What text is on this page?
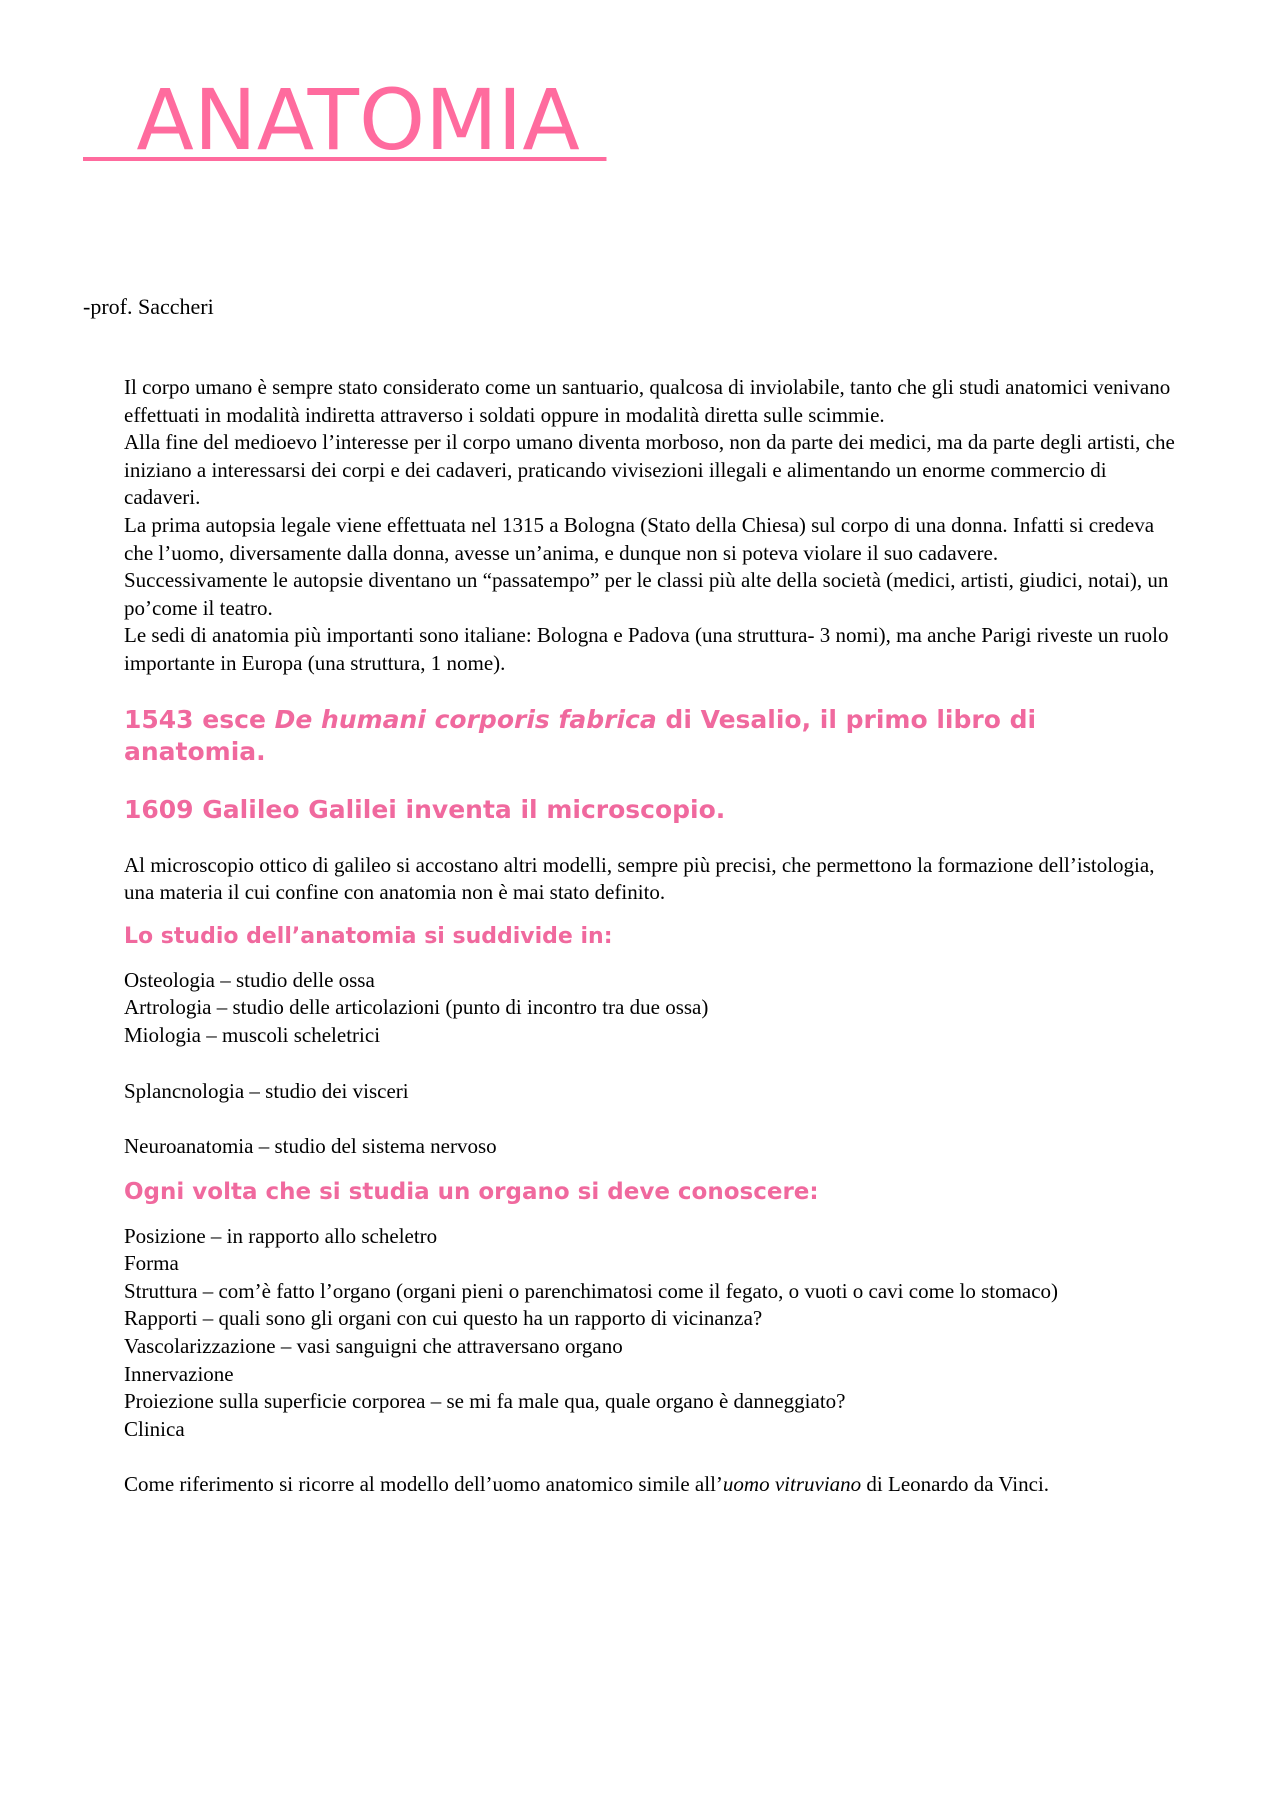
ANATOMIA

-prof. Saccheri

Il corpo umano è sempre stato considerato come un santuario, qualcosa di inviolabile, tanto che gli studi anatomici venivano effettuati in modalità indiretta attraverso i soldati oppure in modalità diretta sulle scimmie.

Alla fine del medioevo l’interesse per il corpo umano diventa morboso, non da parte dei medici, ma da parte degli artisti, che iniziano a interessarsi dei corpi e dei cadaveri, praticando vivisezioni illegali e alimentando un enorme commercio di cadaveri.

La prima autopsia legale viene effettuata nel 1315 a Bologna (Stato della Chiesa) sul corpo di una donna. Infatti si credeva che l’uomo, diversamente dalla donna, avesse un’anima, e dunque non si poteva violare il suo cadavere.

Successivamente le autopsie diventano un “passatempo” per le classi più alte della società (medici, artisti, giudici, notai), un po’come il teatro.

Le sedi di anatomia più importanti sono italiane: Bologna e Padova (una struttura- 3 nomi), ma anche Parigi riveste un ruolo importante in Europa (una struttura, 1 nome).

1543 esce De humani corporis fabrica di Vesalio, il primo libro di anatomia.

1609 Galileo Galilei inventa il microscopio.

Al microscopio ottico di galileo si accostano altri modelli, sempre più precisi, che permettono la formazione dell’istologia, una materia il cui confine con anatomia non è mai stato definito.

Lo studio dell’anatomia si suddivide in:

Osteologia – studio delle ossa

Artrologia – studio delle articolazioni (punto di incontro tra due ossa)

Miologia – muscoli scheletrici

Splancnologia – studio dei visceri

Neuroanatomia – studio del sistema nervoso

Ogni volta che si studia un organo si deve conoscere:

Posizione – in rapporto allo scheletro

Forma

Struttura – com’è fatto l’organo (organi pieni o parenchimatosi come il fegato, o vuoti o cavi come lo stomaco)

Rapporti – quali sono gli organi con cui questo ha un rapporto di vicinanza?

Vascolarizzazione – vasi sanguigni che attraversano organo

Innervazione

Proiezione sulla superficie corporea – se mi fa male qua, quale organo è danneggiato?

Clinica

Come riferimento si ricorre al modello dell’uomo anatomico simile all’uomo vitruviano di Leonardo da Vinci.
